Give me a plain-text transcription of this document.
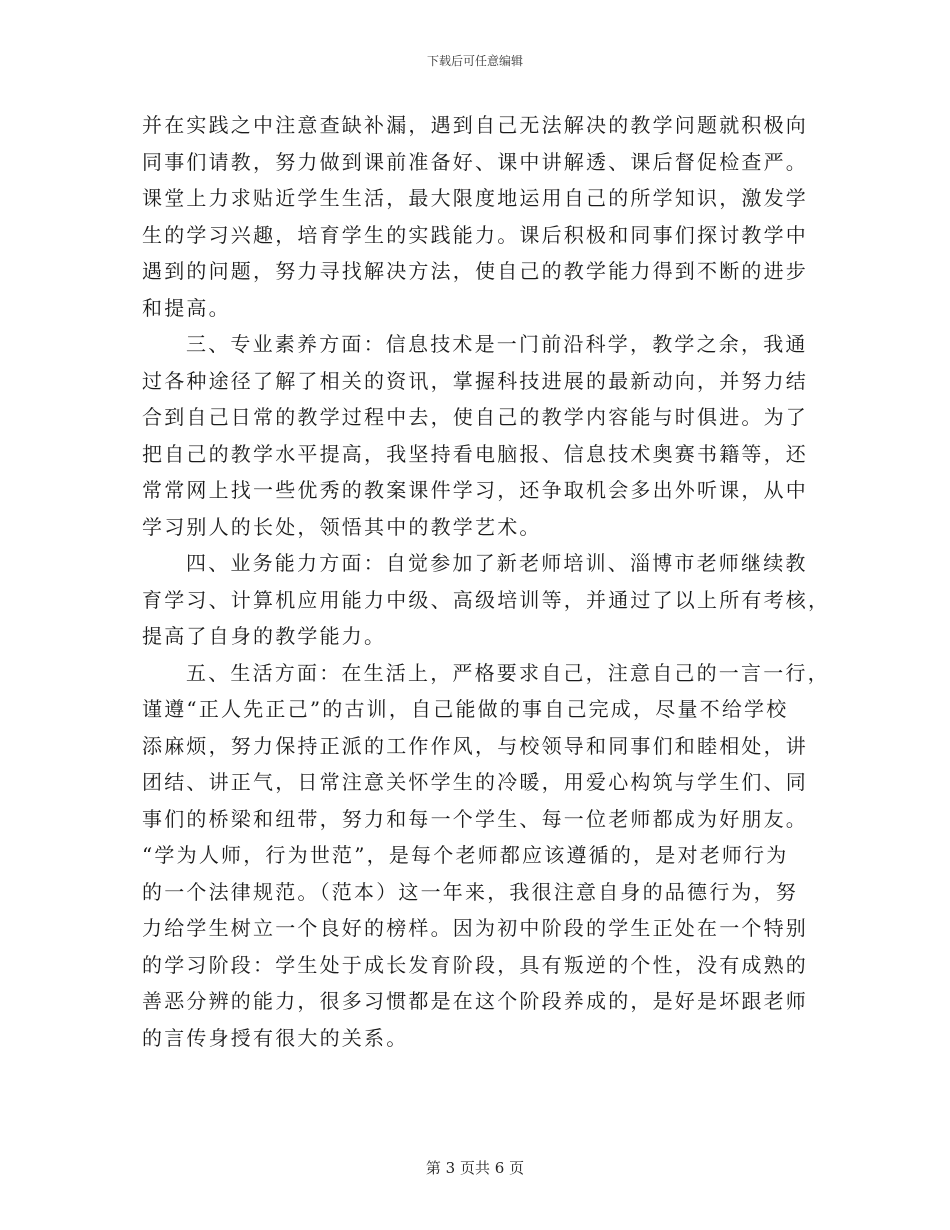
下载后可任意编辑
并在实践之中注意查缺补漏，遇到自己无法解决的教学问题就积极向
同事们请教，努力做到课前准备好、课中讲解透、课后督促检查严。
课堂上力求贴近学生生活，最大限度地运用自己的所学知识，激发学
生的学习兴趣，培育学生的实践能力。课后积极和同事们探讨教学中
遇到的问题，努力寻找解决方法，使自己的教学能力得到不断的进步
和提高。
三、专业素养方面：信息技术是一门前沿科学，教学之余，我通
过各种途径了解了相关的资讯，掌握科技进展的最新动向，并努力结
合到自己日常的教学过程中去，使自己的教学内容能与时俱进。为了
把自己的教学水平提高，我坚持看电脑报、信息技术奥赛书籍等，还
常常网上找一些优秀的教案课件学习，还争取机会多出外听课，从中
学习别人的长处，领悟其中的教学艺术。
四、业务能力方面：自觉参加了新老师培训、淄博市老师继续教
育学习、计算机应用能力中级、高级培训等，并通过了以上所有考核，
提高了自身的教学能力。
五、生活方面：在生活上，严格要求自己，注意自己的一言一行，
谨遵“正人先正己”的古训，自己能做的事自己完成，尽量不给学校
添麻烦，努力保持正派的工作作风，与校领导和同事们和睦相处，讲
团结、讲正气，日常注意关怀学生的冷暖，用爱心构筑与学生们、同
事们的桥梁和纽带，努力和每一个学生、每一位老师都成为好朋友。
“学为人师，行为世范”，是每个老师都应该遵循的，是对老师行为
的一个法律规范。（范本）这一年来，我很注意自身的品德行为，努
力给学生树立一个良好的榜样。因为初中阶段的学生正处在一个特别
的学习阶段：学生处于成长发育阶段，具有叛逆的个性，没有成熟的
善恶分辨的能力，很多习惯都是在这个阶段养成的，是好是坏跟老师
的言传身授有很大的关系。
第 3 页共 6 页
